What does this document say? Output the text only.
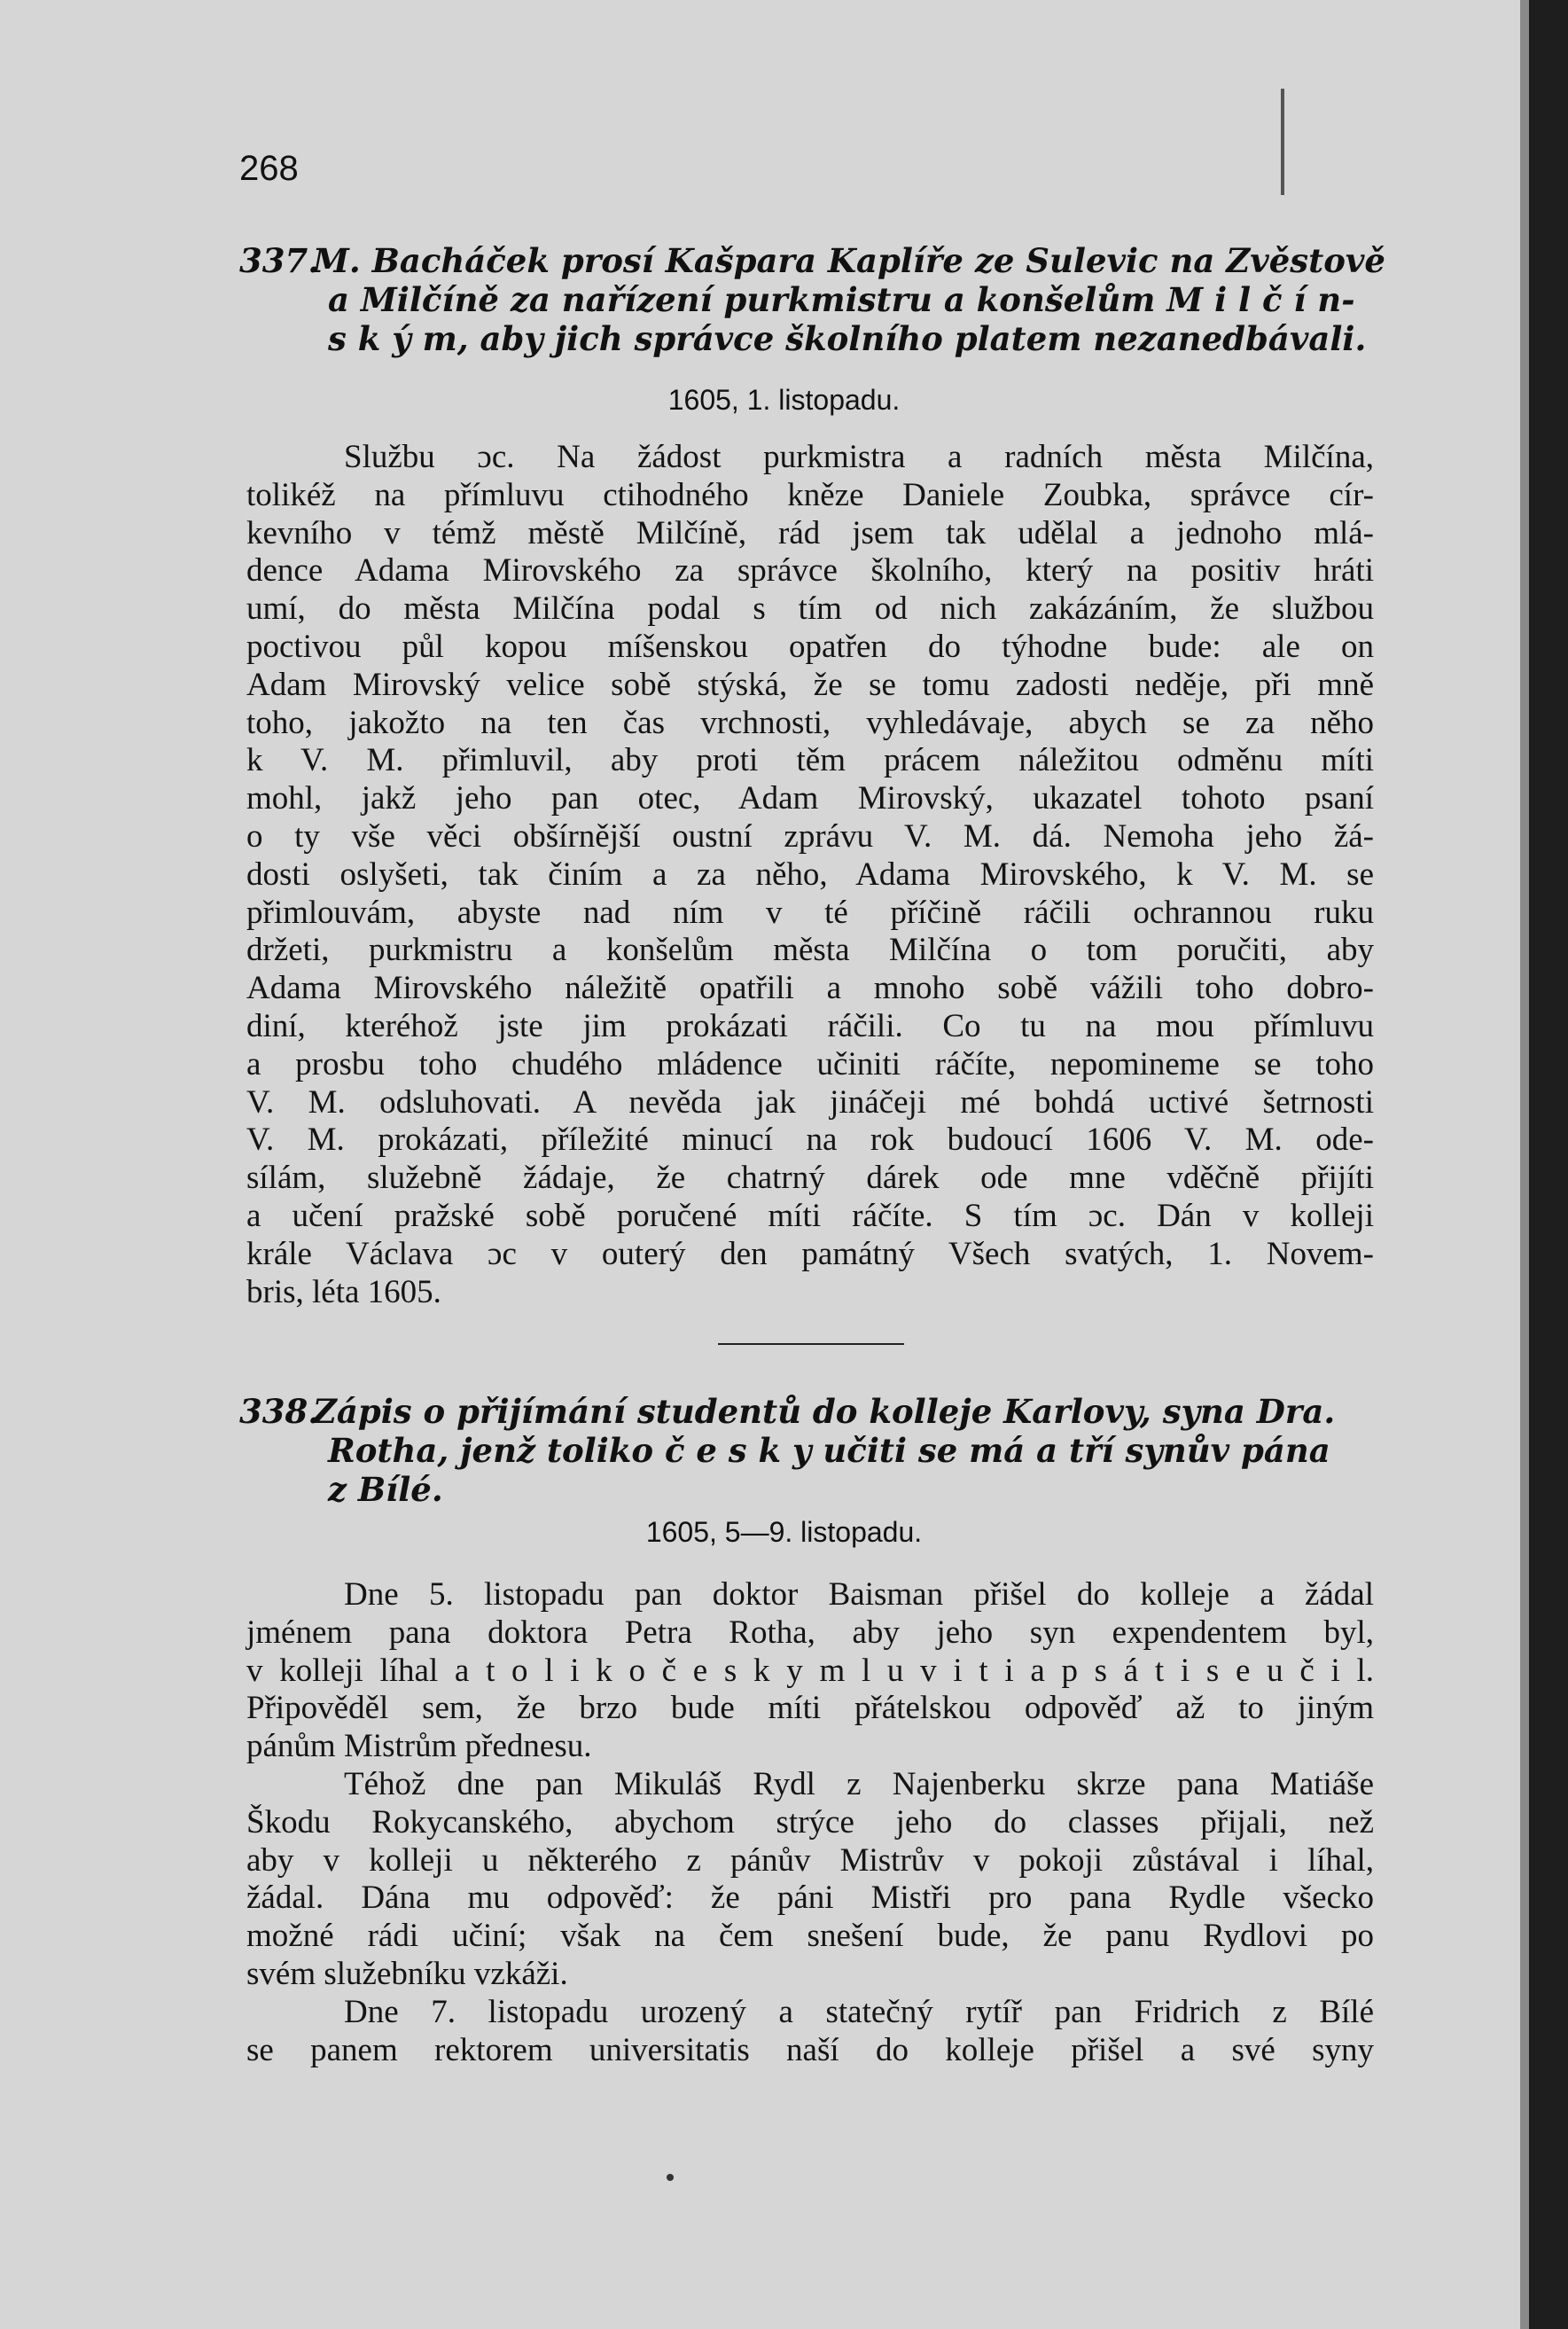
268
337. M. Bacháček prosí Kašpara Kaplíře ze Sulevic na Zvěstově
a Milčíně za nařízení purkmistru a konšelům M i l č í n-
s k ý m, aby jich správce školního platem nezanedbávali.
1605, 1. listopadu.
Službu ɔc. Na žádost purkmistra a radních města Milčína,
tolikéž na přímluvu ctihodného kněze Daniele Zoubka, správce cír-
kevního v témž městě Milčíně, rád jsem tak udělal a jednoho mlá-
dence Adama Mirovského za správce školního, který na positiv hráti
umí, do města Milčína podal s tím od nich zakázáním, že službou
poctivou půl kopou míšenskou opatřen do týhodne bude: ale on
Adam Mirovský velice sobě stýská, že se tomu zadosti neděje, při mně
toho, jakožto na ten čas vrchnosti, vyhledávaje, abych se za něho
k V. M. přimluvil, aby proti těm prácem náležitou odměnu míti
mohl, jakž jeho pan otec, Adam Mirovský, ukazatel tohoto psaní
o ty vše věci obšírnější oustní zprávu V. M. dá. Nemoha jeho žá-
dosti oslyšeti, tak činím a za něho, Adama Mirovského, k V. M. se
přimlouvám, abyste nad ním v té příčině ráčili ochrannou ruku
držeti, purkmistru a konšelům města Milčína o tom poručiti, aby
Adama Mirovského náležitě opatřili a mnoho sobě vážili toho dobro-
diní, kteréhož jste jim prokázati ráčili. Co tu na mou přímluvu
a prosbu toho chudého mládence učiniti ráčíte, nepomineme se toho
V. M. odsluhovati. A nevěda jak jináčeji mé bohdá uctivé šetrnosti
V. M. prokázati, příležité minucí na rok budoucí 1606 V. M. ode-
sílám, služebně žádaje, že chatrný dárek ode mne vděčně přijíti
a učení pražské sobě poručené míti ráčíte. S tím ɔc. Dán v kolleji
krále Václava ɔc v outerý den památný Všech svatých, 1. Novem-
bris, léta 1605.
338. Zápis o přijímání studentů do kolleje Karlovy, syna Dra.
Rotha, jenž toliko č e s k y učiti se má a tří synův pána
z Bílé.
1605, 5—9. listopadu.
Dne 5. listopadu pan doktor Baisman přišel do kolleje a žádal
jménem pana doktora Petra Rotha, aby jeho syn expendentem byl,
v kolleji líhal a t o l i k o č e s k y m l u v i t i a p s á t i s e u č i l.
Připověděl sem, že brzo bude míti přátelskou odpověď až to jiným
pánům Mistrům přednesu.
Téhož dne pan Mikuláš Rydl z Najenberku skrze pana Matiáše
Škodu Rokycanského, abychom strýce jeho do classes přijali, než
aby v kolleji u některého z pánův Mistrův v pokoji zůstával i líhal,
žádal. Dána mu odpověď: že páni Mistři pro pana Rydle všecko
možné rádi učiní; však na čem snešení bude, že panu Rydlovi po
svém služebníku vzkáži.
Dne 7. listopadu urozený a statečný rytíř pan Fridrich z Bílé
se panem rektorem universitatis naší do kolleje přišel a své syny
